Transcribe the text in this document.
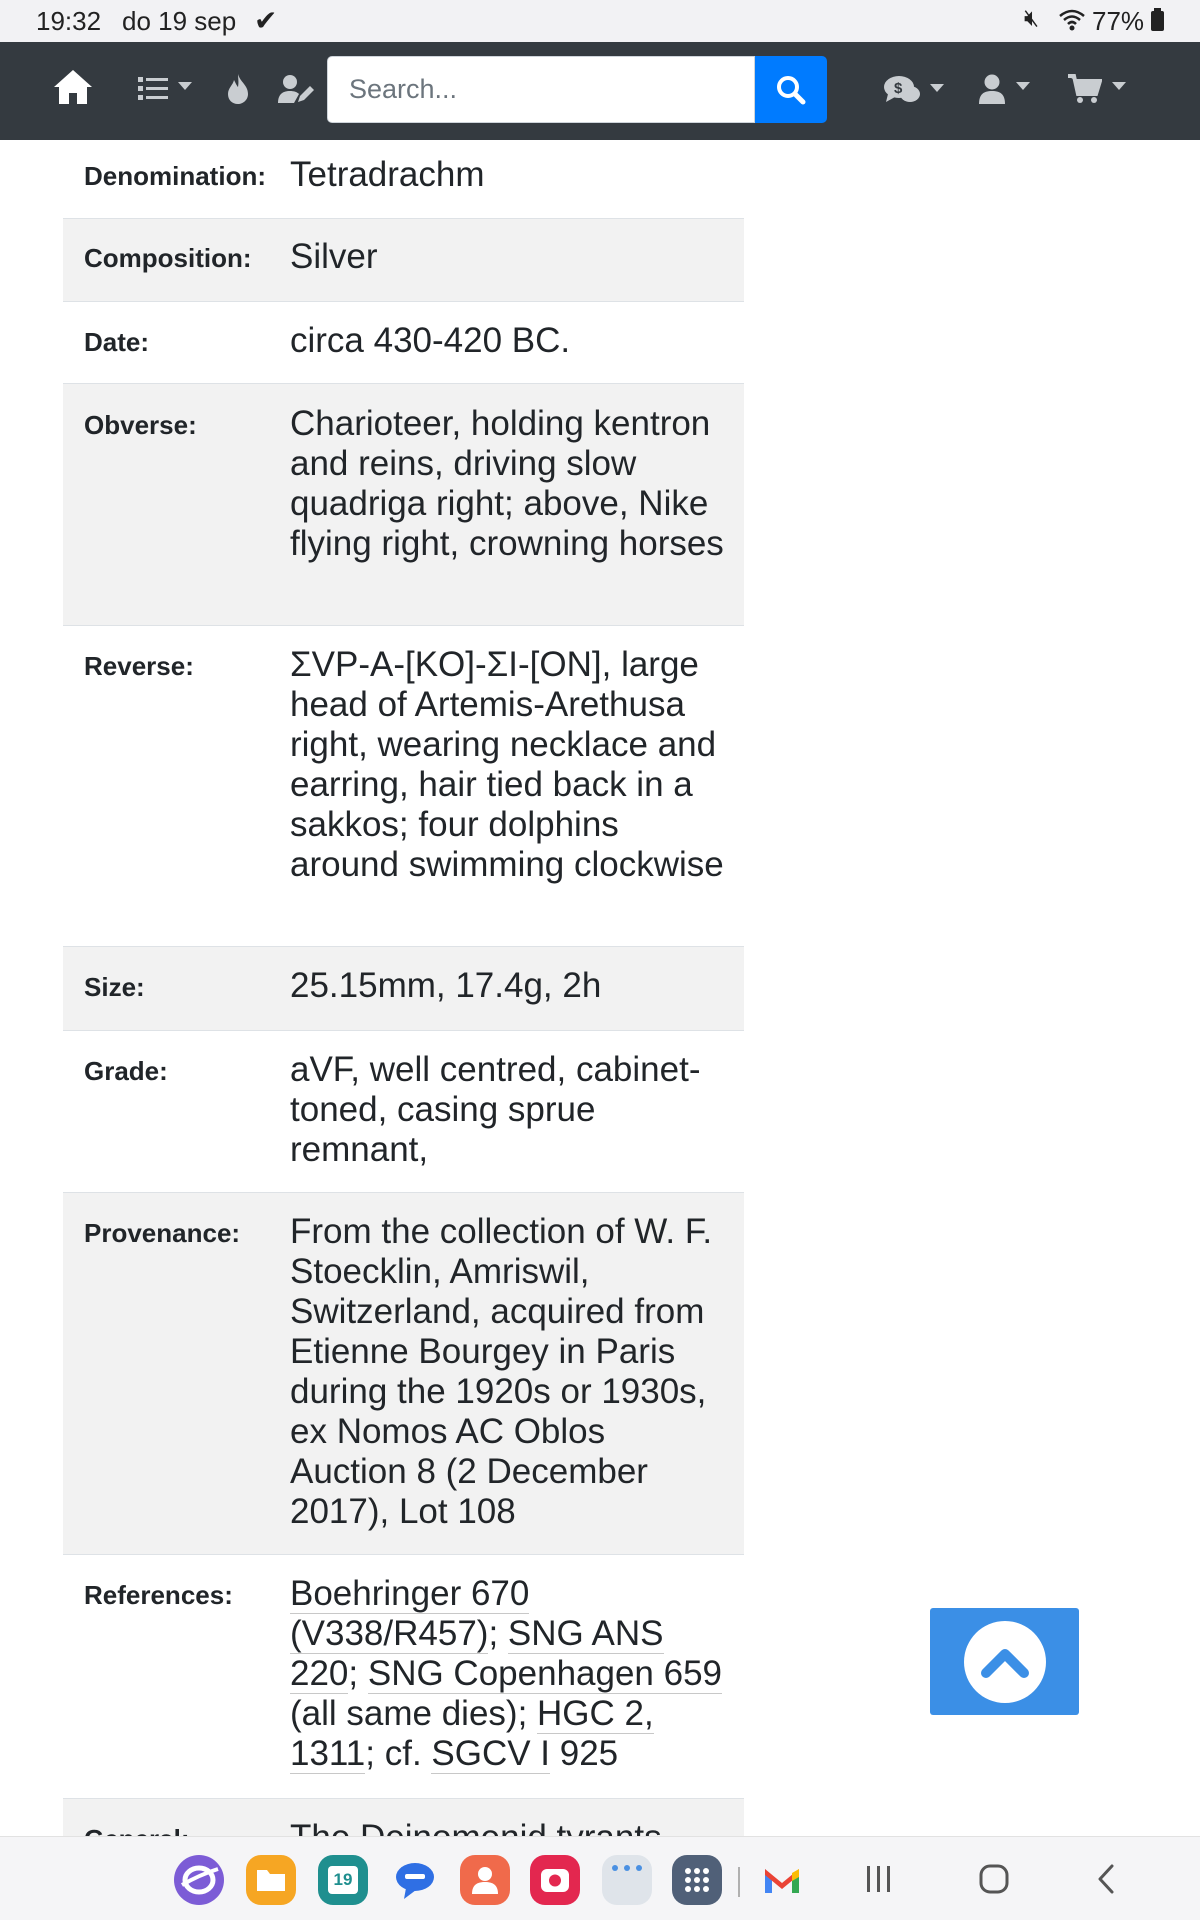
19:32 do 19 sep ✔	🔇︎ 77%
Search...
$
Denomination: Tetradrachm
Composition:	Silver
Date:	circa 430-420 BC.
Obverse:	Charioteer, holding kentron and reins, driving slow quadriga right; above, Nike flying right, crowning horses
Reverse:	ΣVP-A-[KO]-ΣI-[ON], large head of Artemis-Arethusa right, wearing necklace and earring, hair tied back in a sakkos; four dolphins around swimming clockwise
Size:	25.15mm, 17.4g, 2h
Grade:	aVF, well centred, cabinet-toned, casing sprue remnant,
Provenance:	From the collection of W. F. Stoecklin, Amriswil, Switzerland, acquired from Etienne Bourgey in Paris during the 1920s or 1930s, ex Nomos AC Oblos Auction 8 (2 December 2017), Lot 108
References:	Boehringer 670 (V338/R457); SNG ANS 220; SNG Copenhagen 659 (all same dies); HGC 2, 1311; cf. SGCV I 925
19
